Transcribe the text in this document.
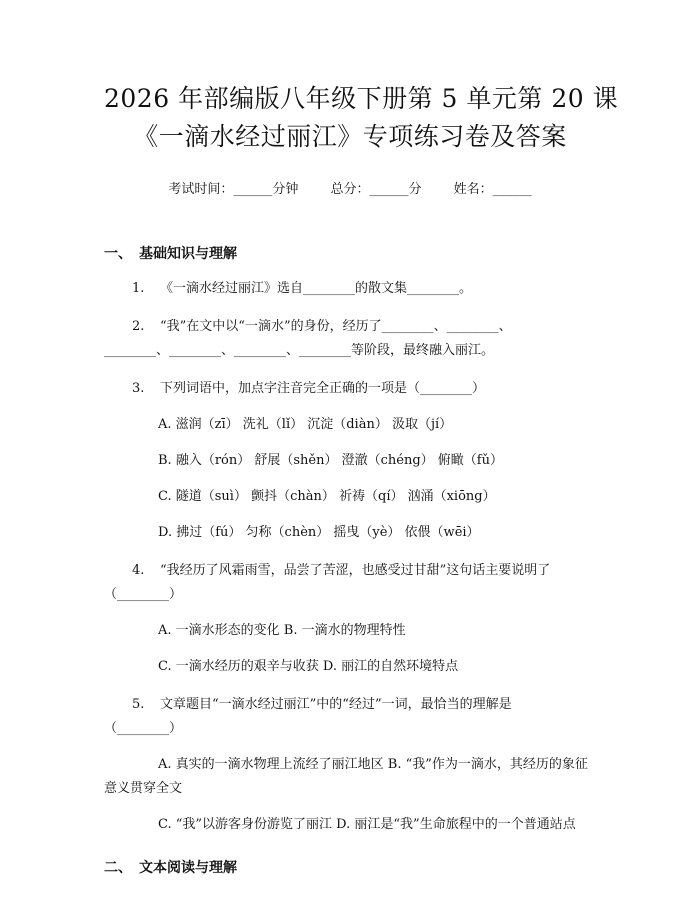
2026 年部编版八年级下册第 5 单元第 20 课
《一滴水经过丽江》专项练习卷及答案
考试时间：______分钟 总分：______分 姓名：______
一、　基础知识与理解
1. 《一滴水经过丽江》选自________的散文集________。
2. “我”在文中以“一滴水”的身份，经历了________、________、
________、________、________、________等阶段，最终融入丽江。
3. 下列词语中，加点字注音完全正确的一项是（________）
A. 滋润（zī） 洗礼（lǐ） 沉淀（diàn） 汲取（jí）
B. 融入（rón） 舒展（shěn） 澄澈（chéng） 俯瞰（fǔ）
C. 隧道（suì） 颤抖（chàn） 祈祷（qí） 汹涌（xiōng）
D. 拂过（fú） 匀称（chèn） 摇曳（yè） 依偎（wēi）
4. “我经历了风霜雨雪，品尝了苦涩，也感受过甘甜”这句话主要说明了
（________）
A. 一滴水形态的变化 B. 一滴水的物理特性
C. 一滴水经历的艰辛与收获 D. 丽江的自然环境特点
5. 文章题目“一滴水经过丽江”中的“经过”一词，最恰当的理解是
（________）
A. 真实的一滴水物理上流经了丽江地区 B. “我”作为一滴水，其经历的象征意义贯穿全文
C. “我”以游客身份游览了丽江 D. 丽江是“我”生命旅程中的一个普通站点
二、　文本阅读与理解
